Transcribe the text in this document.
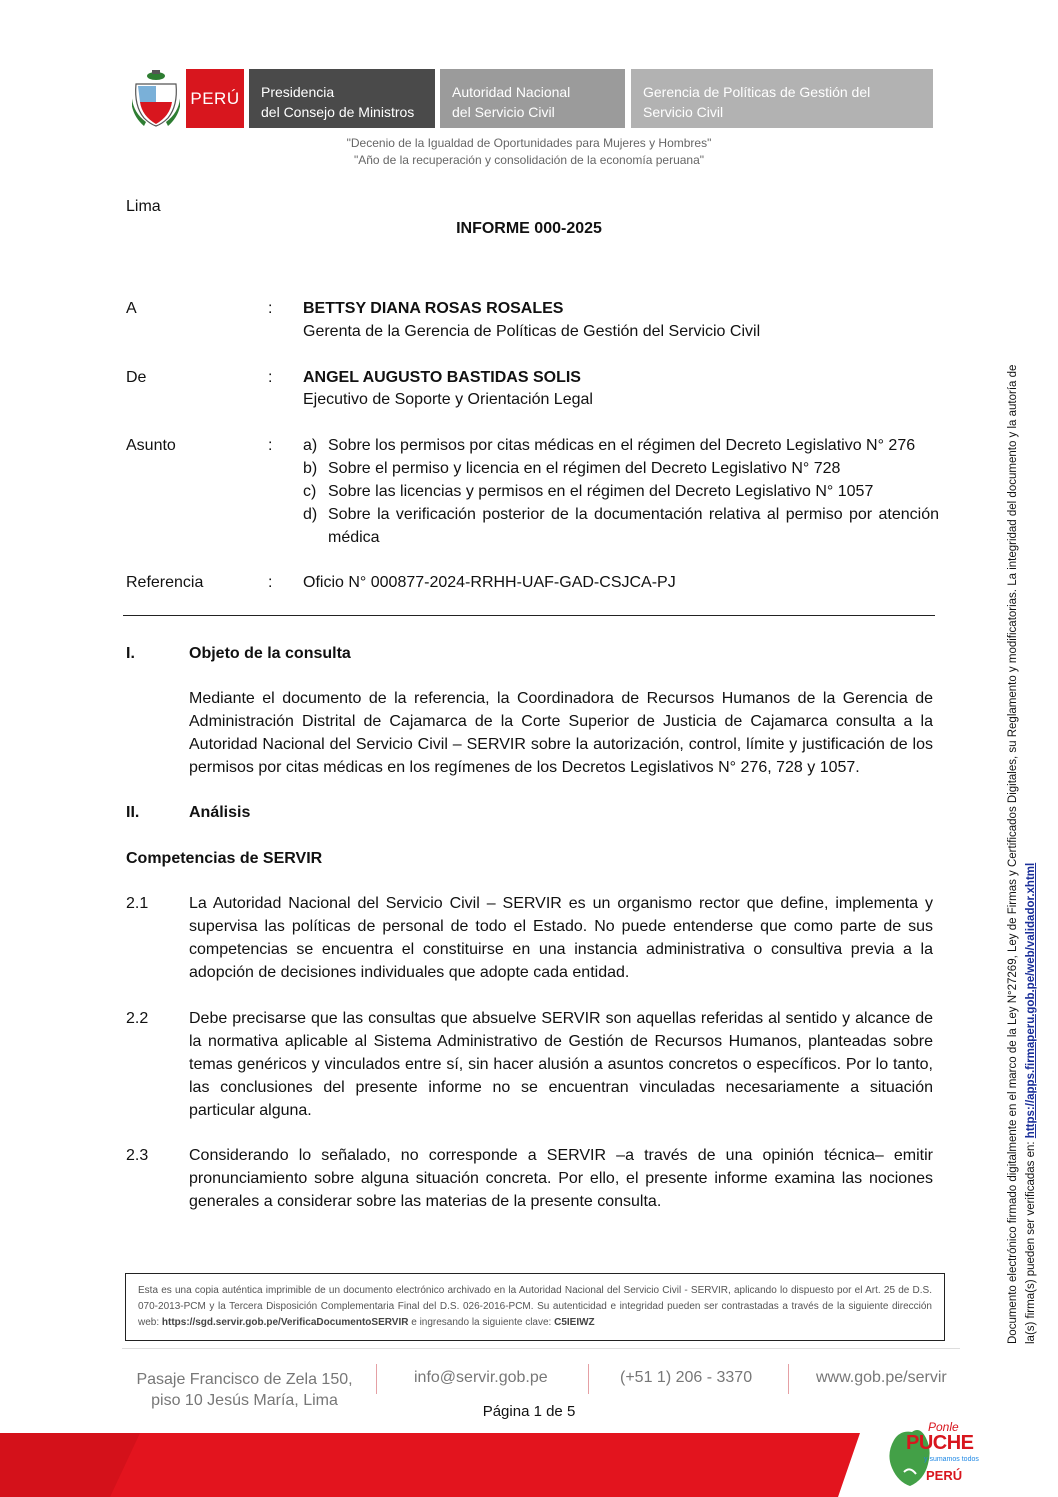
PERÚ	Presidencia
del Consejo de Ministros
Autoridad Nacional
del Servicio Civil
Gerencia de Políticas de Gestión del
Servicio Civil
"Decenio de la Igualdad de Oportunidades para Mujeres y Hombres"
"Año de la recuperación y consolidación de la economía peruana"
Lima
INFORME 000-2025
A	: BETTSY DIANA ROSAS ROSALES
Gerenta de la Gerencia de Políticas de Gestión del Servicio Civil
De	: ANGEL AUGUSTO BASTIDAS SOLIS
Ejecutivo de Soporte y Orientación Legal
Asunto	: a) Sobre los permisos por citas médicas en el régimen del Decreto Legislativo N° 276
b) Sobre el permiso y licencia en el régimen del Decreto Legislativo N° 728
c) Sobre las licencias y permisos en el régimen del Decreto Legislativo N° 1057
d) Sobre la verificación posterior de la documentación relativa al permiso por atención médica
Referencia	: Oficio N° 000877-2024-RRHH-UAF-GAD-CSJCA-PJ
I.	Objeto de la consulta
Mediante el documento de la referencia, la Coordinadora de Recursos Humanos de la Gerencia de Administración Distrital de Cajamarca de la Corte Superior de Justicia de Cajamarca consulta a la Autoridad Nacional del Servicio Civil – SERVIR sobre la autorización, control, límite y justificación de los permisos por citas médicas en los regímenes de los Decretos Legislativos N° 276, 728 y 1057.
II.	Análisis
Competencias de SERVIR
2.1	La Autoridad Nacional del Servicio Civil – SERVIR es un organismo rector que define, implementa y supervisa las políticas de personal de todo el Estado. No puede entenderse que como parte de sus competencias se encuentra el constituirse en una instancia administrativa o consultiva previa a la adopción de decisiones individuales que adopte cada entidad.
2.2	Debe precisarse que las consultas que absuelve SERVIR son aquellas referidas al sentido y alcance de la normativa aplicable al Sistema Administrativo de Gestión de Recursos Humanos, planteadas sobre temas genéricos y vinculados entre sí, sin hacer alusión a asuntos concretos o específicos. Por lo tanto, las conclusiones del presente informe no se encuentran vinculadas necesariamente a situación particular alguna.
2.3	Considerando lo señalado, no corresponde a SERVIR –a través de una opinión técnica– emitir pronunciamiento sobre alguna situación concreta. Por ello, el presente informe examina las nociones generales a considerar sobre las materias de la presente consulta.
Esta es una copia auténtica imprimible de un documento electrónico archivado en la Autoridad Nacional del Servicio Civil - SERVIR, aplicando lo dispuesto por el Art. 25 de D.S. 070-2013-PCM y la Tercera Disposición Complementaria Final del D.S. 026-2016-PCM. Su autenticidad e integridad pueden ser contrastadas a través de la siguiente dirección web: https://sgd.servir.gob.pe/VerificaDocumentoSERVIR e ingresando la siguiente clave: C5IEIWZ
Pasaje Francisco de Zela 150,
piso 10 Jesús María, Lima
info@servir.gob.pe	(+51 1) 206 - 3370	www.gob.pe/servir
Página 1 de 5
Ponle
PUCHE
y sumamos todos
PERÚ
Documento electrónico firmado digitalmente en el marco de la Ley N°27269, Ley de Firmas y Certificados Digitales, su Reglamento y modificatorias. La integridad del documento y la autoría de la(s) firma(s) pueden ser verificadas en: https://apps.firmaperu.gob.pe/web/validador.xhtml
